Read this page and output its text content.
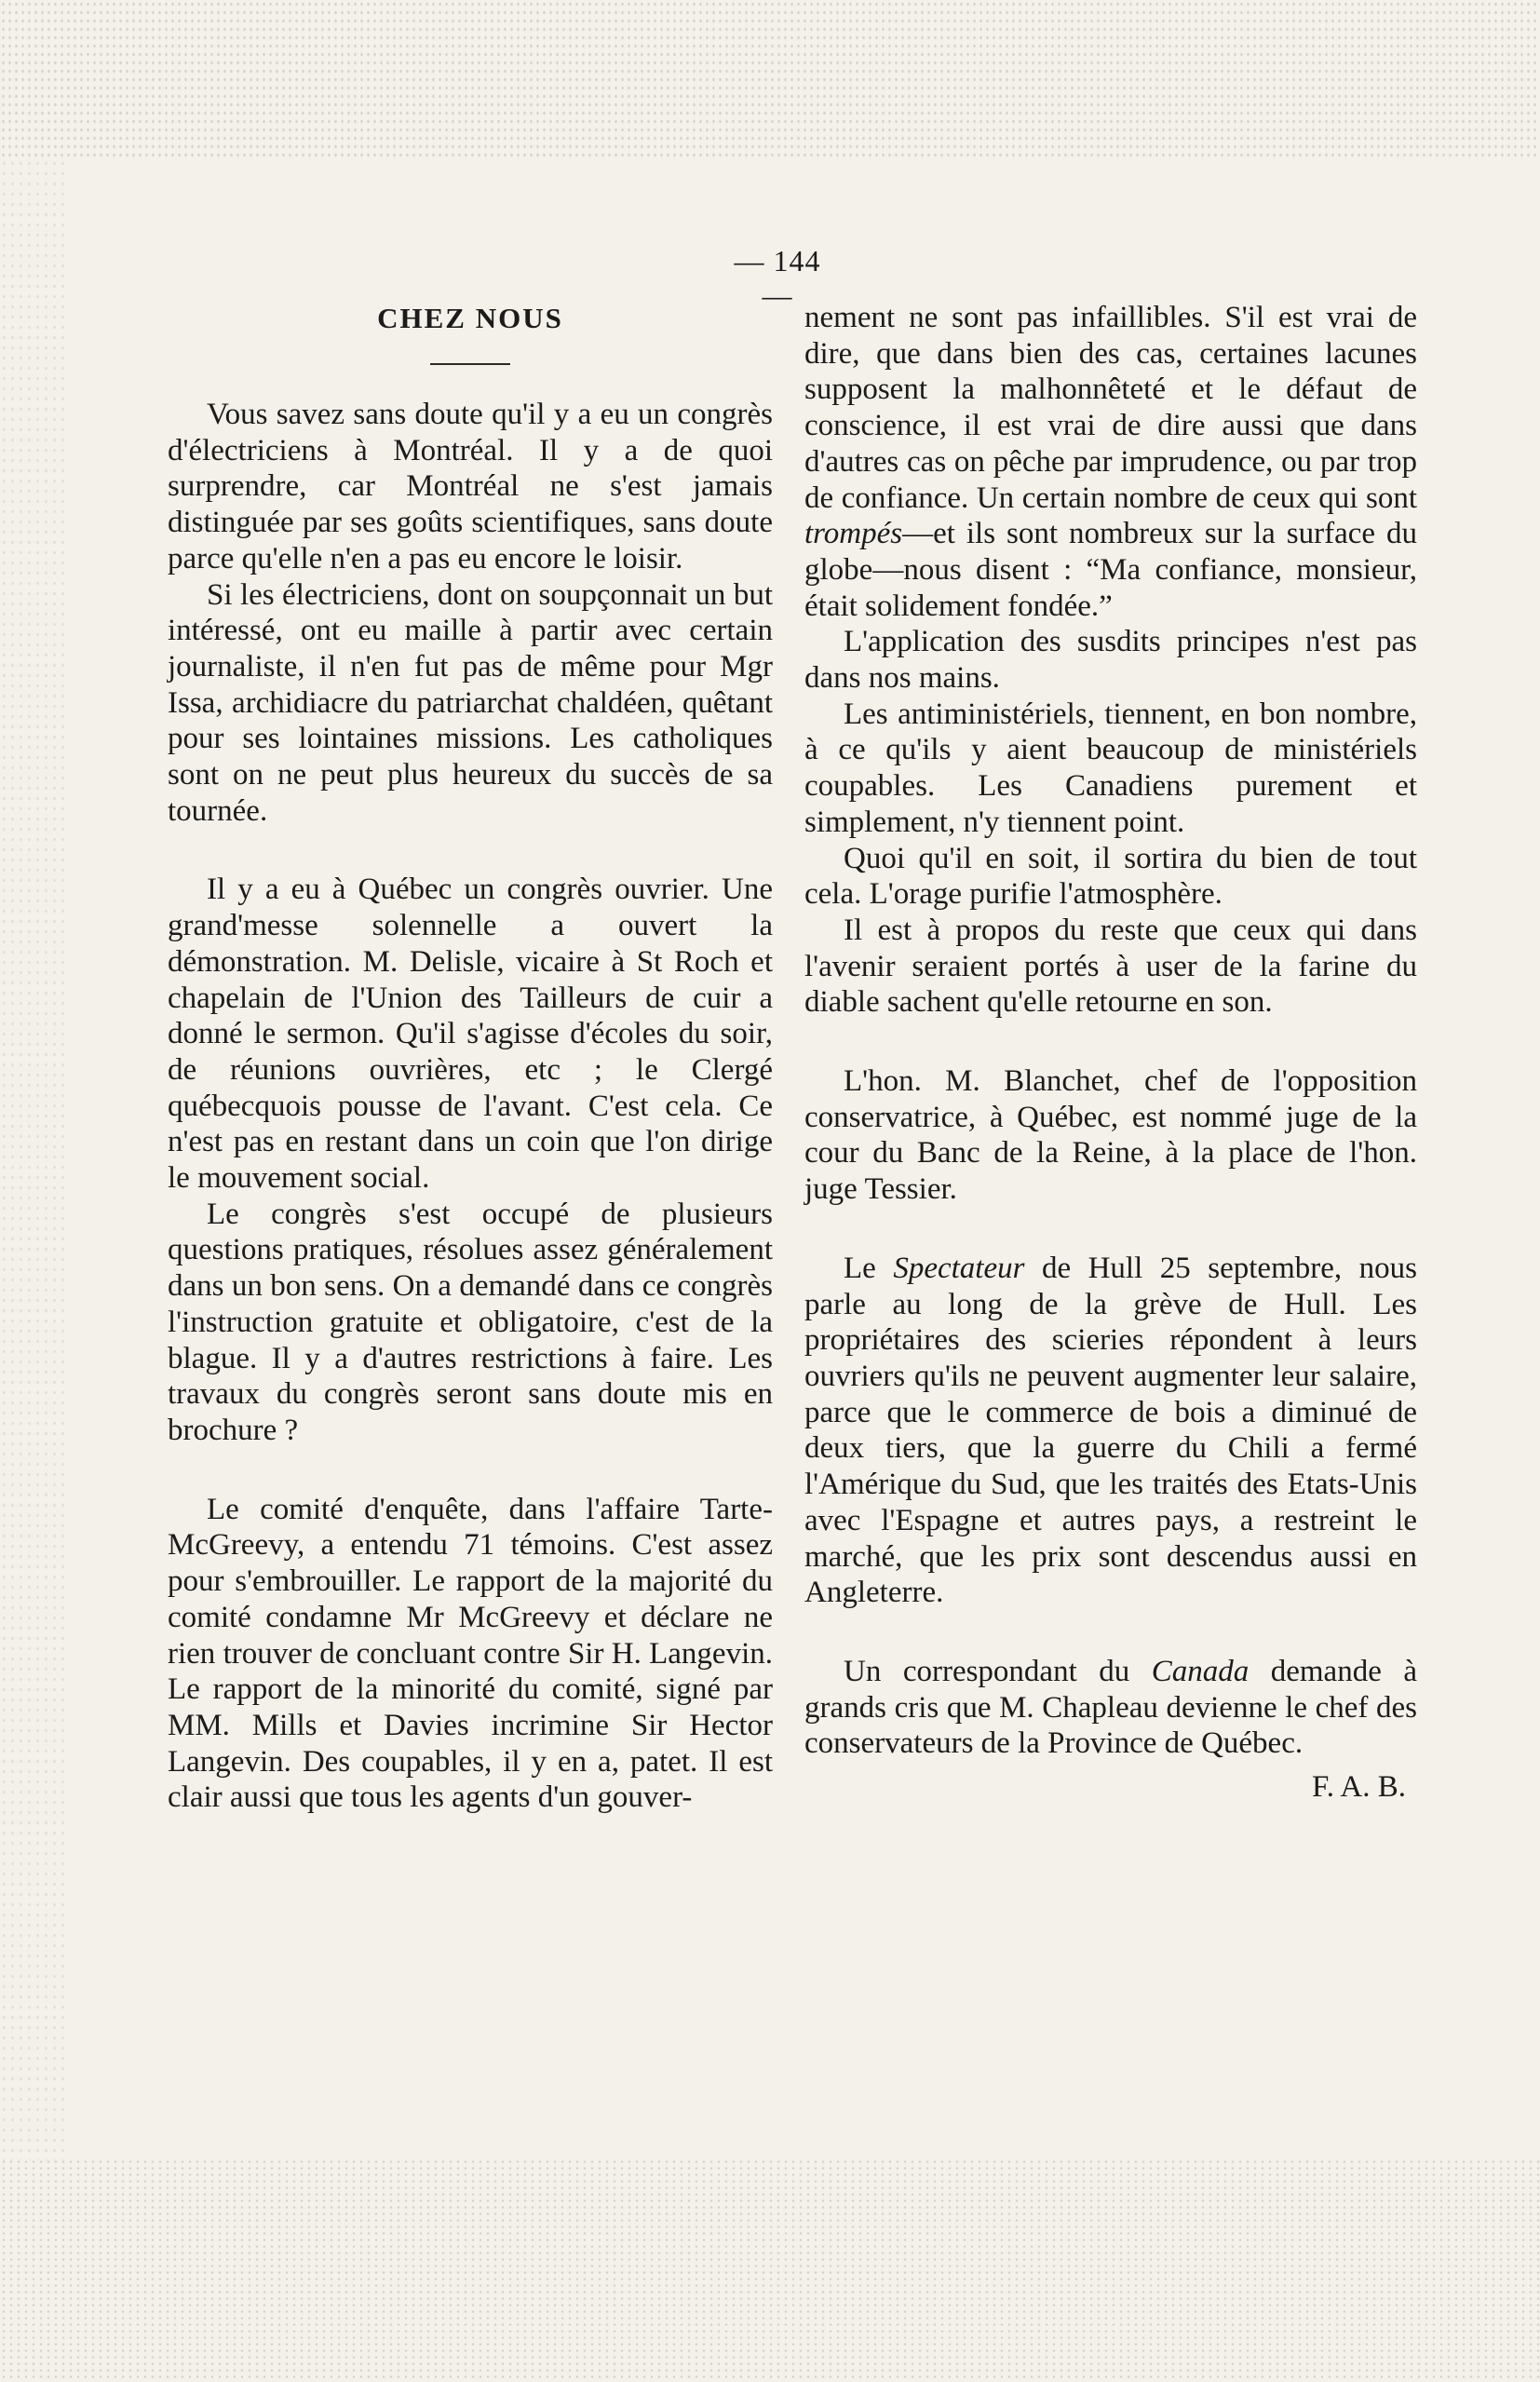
— 144 —
CHEZ NOUS

Vous savez sans doute qu'il y a eu un congrès d'électriciens à Montréal. Il y a de quoi surprendre, car Montréal ne s'est jamais distinguée par ses goûts scientifiques, sans doute parce qu'elle n'en a pas eu encore le loisir.

Si les électriciens, dont on soupçonnait un but intéressé, ont eu maille à partir avec certain journaliste, il n'en fut pas de même pour Mgr Issa, archidiacre du patriarchat chaldéen, quêtant pour ses lointaines missions. Les catholiques sont on ne peut plus heureux du succès de sa tournée.

Il y a eu à Québec un congrès ouvrier. Une grand'messe solennelle a ouvert la démonstration. M. Delisle, vicaire à St Roch et chapelain de l'Union des Tailleurs de cuir a donné le sermon. Qu'il s'agisse d'écoles du soir, de réunions ouvrières, etc ; le Clergé québecquois pousse de l'avant. C'est cela. Ce n'est pas en restant dans un coin que l'on dirige le mouvement social.

Le congrès s'est occupé de plusieurs questions pratiques, résolues assez généralement dans un bon sens. On a demandé dans ce congrès l'instruction gratuite et obligatoire, c'est de la blague. Il y a d'autres restrictions à faire. Les travaux du congrès seront sans doute mis en brochure ?

Le comité d'enquête, dans l'affaire Tarte-McGreevy, a entendu 71 témoins. C'est assez pour s'embrouiller. Le rapport de la majorité du comité condamne Mr McGreevy et déclare ne rien trouver de concluant contre Sir H. Langevin. Le rapport de la minorité du comité, signé par MM. Mills et Davies incrimine Sir Hector Langevin. Des coupables, il y en a, patet. Il est clair aussi que tous les agents d'un gouver-

nement ne sont pas infaillibles. S'il est vrai de dire, que dans bien des cas, certaines lacunes supposent la malhonnêteté et le défaut de conscience, il est vrai de dire aussi que dans d'autres cas on pêche par imprudence, ou par trop de confiance. Un certain nombre de ceux qui sont trompés—et ils sont nombreux sur la surface du globe—nous disent : “Ma confiance, monsieur, était solidement fondée.”

L'application des susdits principes n'est pas dans nos mains.

Les antiministériels, tiennent, en bon nombre, à ce qu'ils y aient beaucoup de ministériels coupables. Les Canadiens purement et simplement, n'y tiennent point.

Quoi qu'il en soit, il sortira du bien de tout cela. L'orage purifie l'atmosphère.

Il est à propos du reste que ceux qui dans l'avenir seraient portés à user de la farine du diable sachent qu'elle retourne en son.

L'hon. M. Blanchet, chef de l'opposition conservatrice, à Québec, est nommé juge de la cour du Banc de la Reine, à la place de l'hon. juge Tessier.

Le Spectateur de Hull 25 septembre, nous parle au long de la grève de Hull. Les propriétaires des scieries répondent à leurs ouvriers qu'ils ne peuvent augmenter leur salaire, parce que le commerce de bois a diminué de deux tiers, que la guerre du Chili a fermé l'Amérique du Sud, que les traités des Etats-Unis avec l'Espagne et autres pays, a restreint le marché, que les prix sont descendus aussi en Angleterre.

Un correspondant du Canada demande à grands cris que M. Chapleau devienne le chef des conservateurs de la Province de Québec.

F. A. B.
